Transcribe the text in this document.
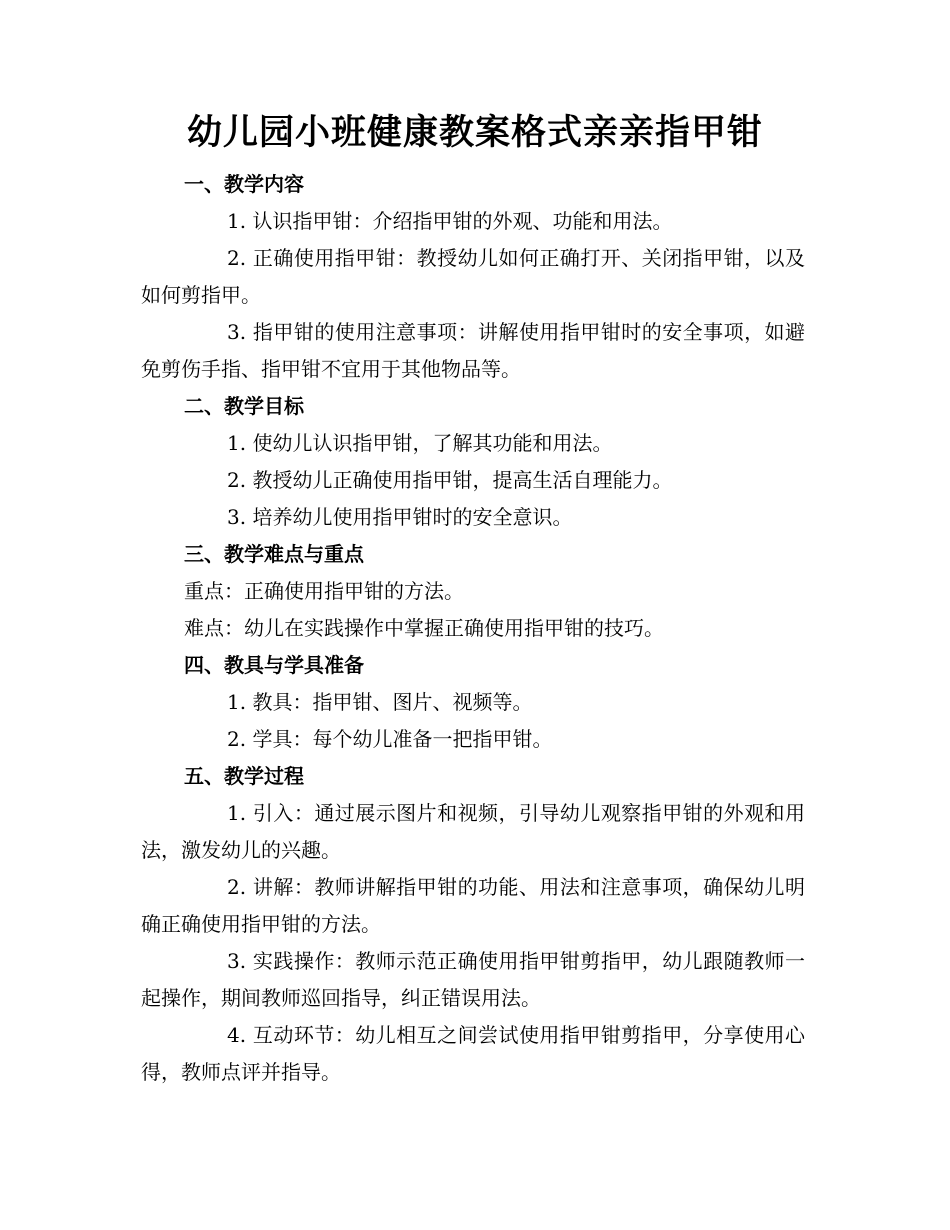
幼儿园小班健康教案格式亲亲指甲钳

一、教学内容

1. 认识指甲钳：介绍指甲钳的外观、功能和用法。

2. 正确使用指甲钳：教授幼儿如何正确打开、关闭指甲钳，以及如何剪指甲。

3. 指甲钳的使用注意事项：讲解使用指甲钳时的安全事项，如避免剪伤手指、指甲钳不宜用于其他物品等。

二、教学目标

1. 使幼儿认识指甲钳，了解其功能和用法。

2. 教授幼儿正确使用指甲钳，提高生活自理能力。

3. 培养幼儿使用指甲钳时的安全意识。

三、教学难点与重点

重点：正确使用指甲钳的方法。

难点：幼儿在实践操作中掌握正确使用指甲钳的技巧。

四、教具与学具准备

1. 教具：指甲钳、图片、视频等。

2. 学具：每个幼儿准备一把指甲钳。

五、教学过程

1. 引入：通过展示图片和视频，引导幼儿观察指甲钳的外观和用法，激发幼儿的兴趣。

2. 讲解：教师讲解指甲钳的功能、用法和注意事项，确保幼儿明确正确使用指甲钳的方法。

3. 实践操作：教师示范正确使用指甲钳剪指甲，幼儿跟随教师一起操作，期间教师巡回指导，纠正错误用法。

4. 互动环节：幼儿相互之间尝试使用指甲钳剪指甲，分享使用心得，教师点评并指导。
